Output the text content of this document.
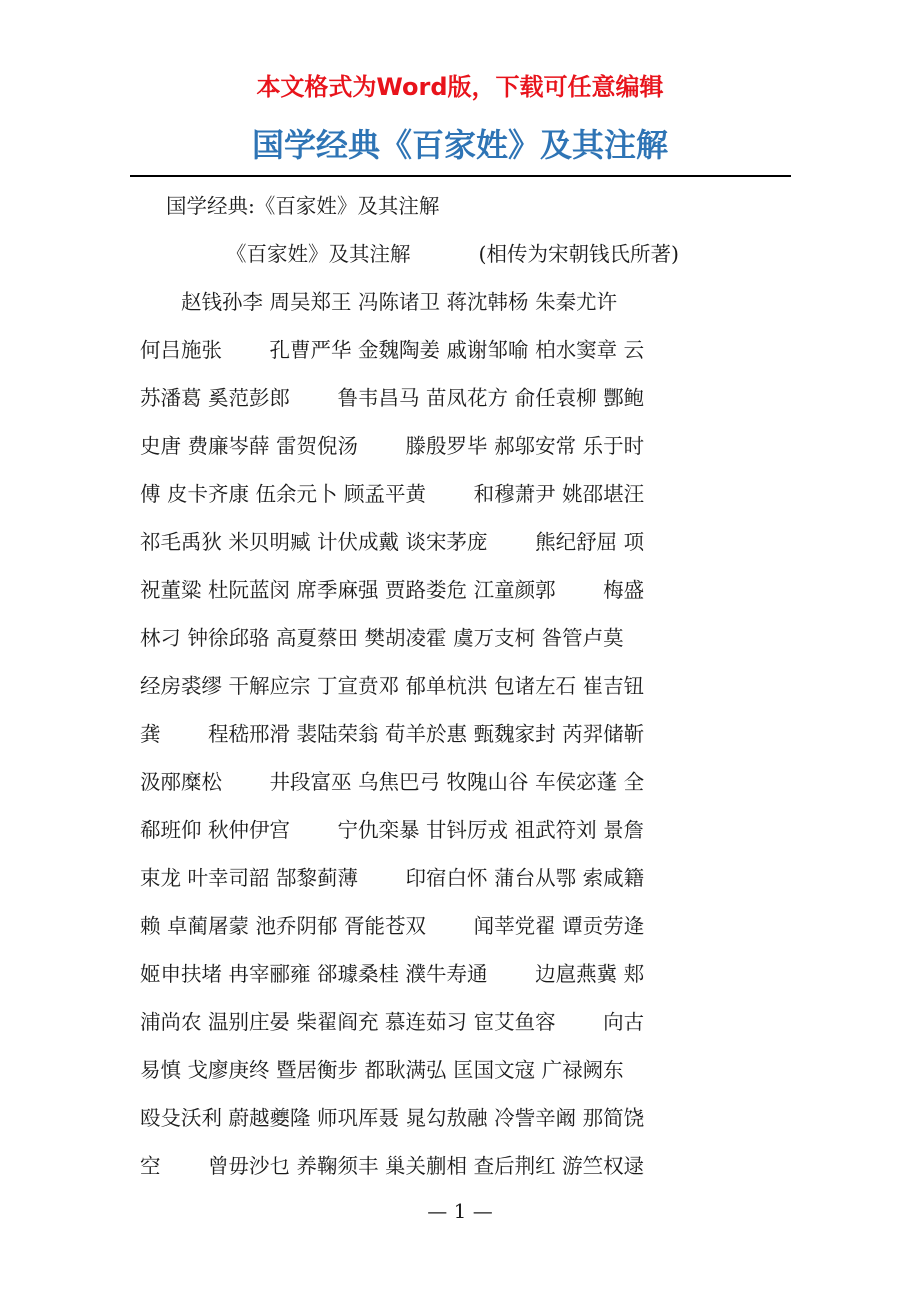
本文格式为Word版，下载可任意编辑

国学经典《百家姓》及其注解

国学经典:《百家姓》及其注解

《百家姓》及其注解	(相传为宋朝钱氏所著)

　　赵钱孙李 周吴郑王 冯陈诸卫 蒋沈韩杨 朱秦尤许

何吕施张　　 孔曹严华 金魏陶姜 戚谢邹喻 柏水窦章 云

苏潘葛 奚范彭郎　　 鲁韦昌马 苗凤花方 俞任袁柳 酆鲍

史唐 费廉岑薛 雷贺倪汤　　 滕殷罗毕 郝邬安常 乐于时

傅 皮卡齐康 伍余元卜 顾孟平黄　　 和穆萧尹 姚邵堪汪

祁毛禹狄 米贝明臧 计伏成戴 谈宋茅庞　　 熊纪舒屈 项

祝董粱 杜阮蓝闵 席季麻强 贾路娄危 江童颜郭　　 梅盛

林刁 钟徐邱骆 高夏蔡田 樊胡凌霍 虞万支柯 昝管卢莫

经房裘缪 干解应宗 丁宣贲邓 郁单杭洪 包诸左石 崔吉钮

龚　　 程嵇邢滑 裴陆荣翁 荀羊於惠 甄魏家封 芮羿储靳

汲邴糜松　　 井段富巫 乌焦巴弓 牧隗山谷 车侯宓蓬 全

郗班仰 秋仲伊宫　　 宁仇栾暴 甘钭厉戎 祖武符刘 景詹

束龙 叶幸司韶 郜黎蓟薄　　 印宿白怀 蒲台从鄂 索咸籍

赖 卓蔺屠蒙 池乔阴郁 胥能苍双　　 闻莘党翟 谭贡劳逄

姬申扶堵 冉宰郦雍 郤璩桑桂 濮牛寿通　　 边扈燕冀 郏

浦尚农 温别庄晏 柴翟阎充 慕连茹习 宦艾鱼容　　 向古

易慎 戈廖庚终 暨居衡步 都耿满弘 匡国文寇 广禄阙东

殴殳沃利 蔚越夔隆 师巩厍聂 晁勾敖融 冷訾辛阚 那简饶

空　　 曾毋沙乜 养鞠须丰 巢关蒯相 查后荆红 游竺权逯

— 1 —
